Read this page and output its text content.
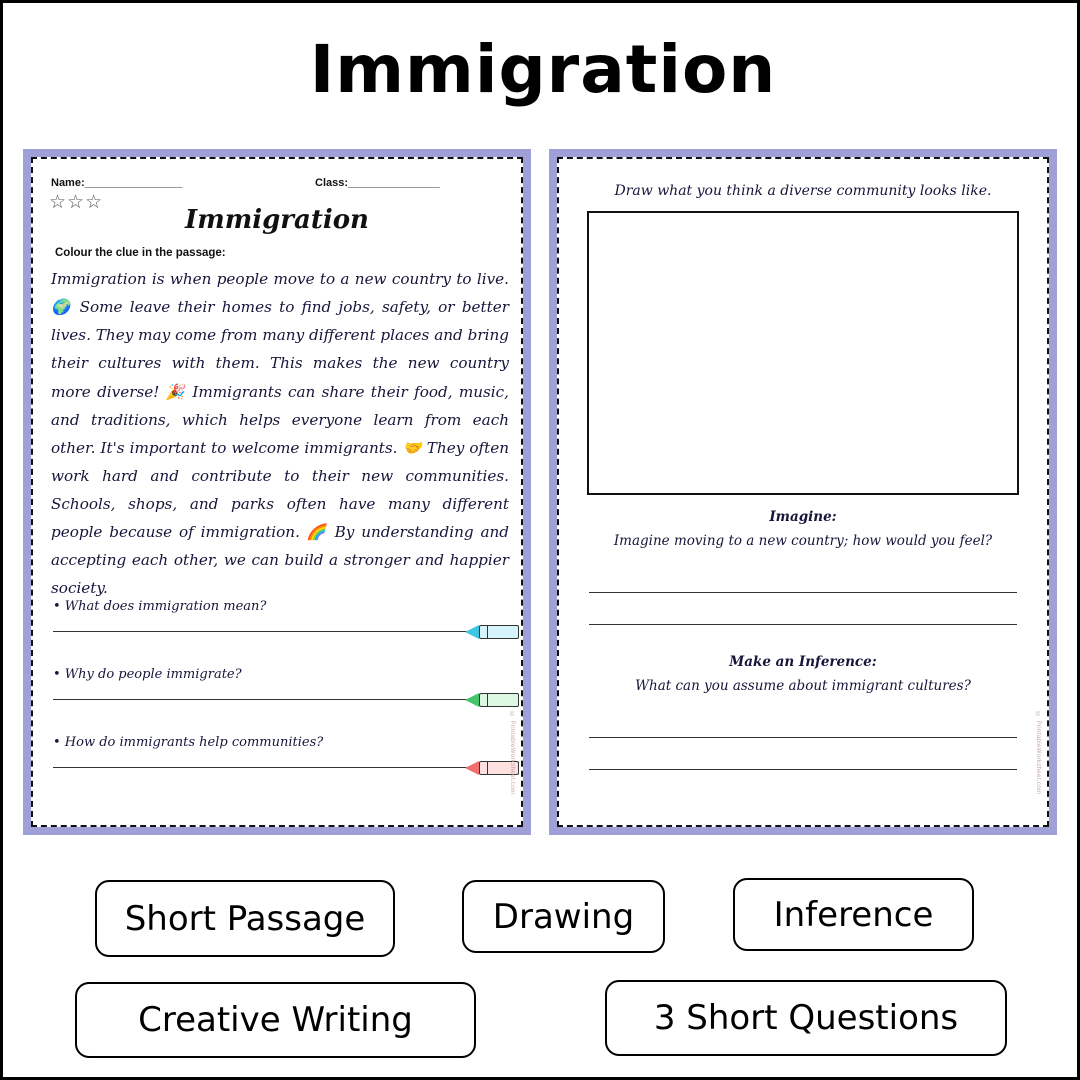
Immigration
Name:________________	Class:_______________
☆☆☆
Immigration
Colour the clue in the passage:
Immigration is when people move to a new country to live. 🌍 Some leave their homes to find jobs, safety, or better lives. They may come from many different places and bring their cultures with them. This makes the new country more diverse! 🎉 Immigrants can share their food, music, and traditions, which helps everyone learn from each other. It's important to welcome immigrants. 🤝 They often work hard and contribute to their new communities. Schools, shops, and parks often have many different people because of immigration. 🌈 By understanding and accepting each other, we can build a stronger and happier society.
• What does immigration mean?
• Why do people immigrate?
• How do immigrants help communities?	© PrintableWorksheet.com
Draw what you think a diverse community looks like.
Imagine:
Imagine moving to a new country; how would you feel?
Make an Inference:
What can you assume about immigrant cultures?
© PrintableWorksheet.com
Short Passage	Drawing	Inference
Creative Writing	3 Short Questions
